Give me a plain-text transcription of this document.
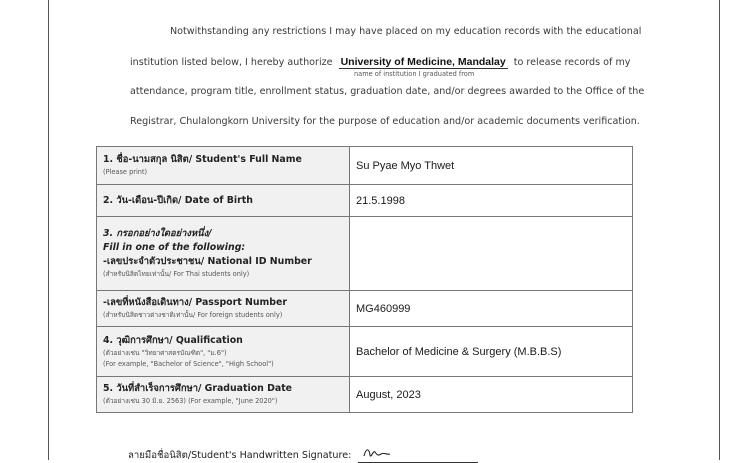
Notwithstanding any restrictions I may have placed on my education records with the educational
institution listed below, I hereby authorize University of Medicine, Mandalay to release records of my
name of institution I graduated from
attendance, program title, enrollment status, graduation date, and/or degrees awarded to the Office of the
Registrar, Chulalongkorn University for the purpose of education and/or academic documents verification.
1. ชื่อ-นามสกุล นิสิต/ Student's Full Name
(Please print)	Su Pyae Myo Thwet

2. วัน-เดือน-ปีเกิด/ Date of Birth	21.5.1998

3. กรอกอย่างใดอย่างหนึ่ง/
Fill in one of the following:
-เลขประจำตัวประชาชน/ National ID Number
(สำหรับนิสิตไทยเท่านั้น/ For Thai students only)	

-เลขที่หนังสือเดินทาง/ Passport Number
(สำหรับนิสิตชาวต่างชาติเท่านั้น/ For foreign students only)	MG460999

4. วุฒิการศึกษา/ Qualification
(ตัวอย่างเช่น "วิทยาศาสตรบัณฑิต", "ม.6")
(For example, "Bachelor of Science", "High School")	Bachelor of Medicine & Surgery (M.B.B.S)

5. วันที่สำเร็จการศึกษา/ Graduation Date
(ตัวอย่างเช่น 30 มิ.ย. 2563) (For example, "June 2020")	August, 2023
ลายมือชื่อนิสิต/Student's Handwritten Signature:
